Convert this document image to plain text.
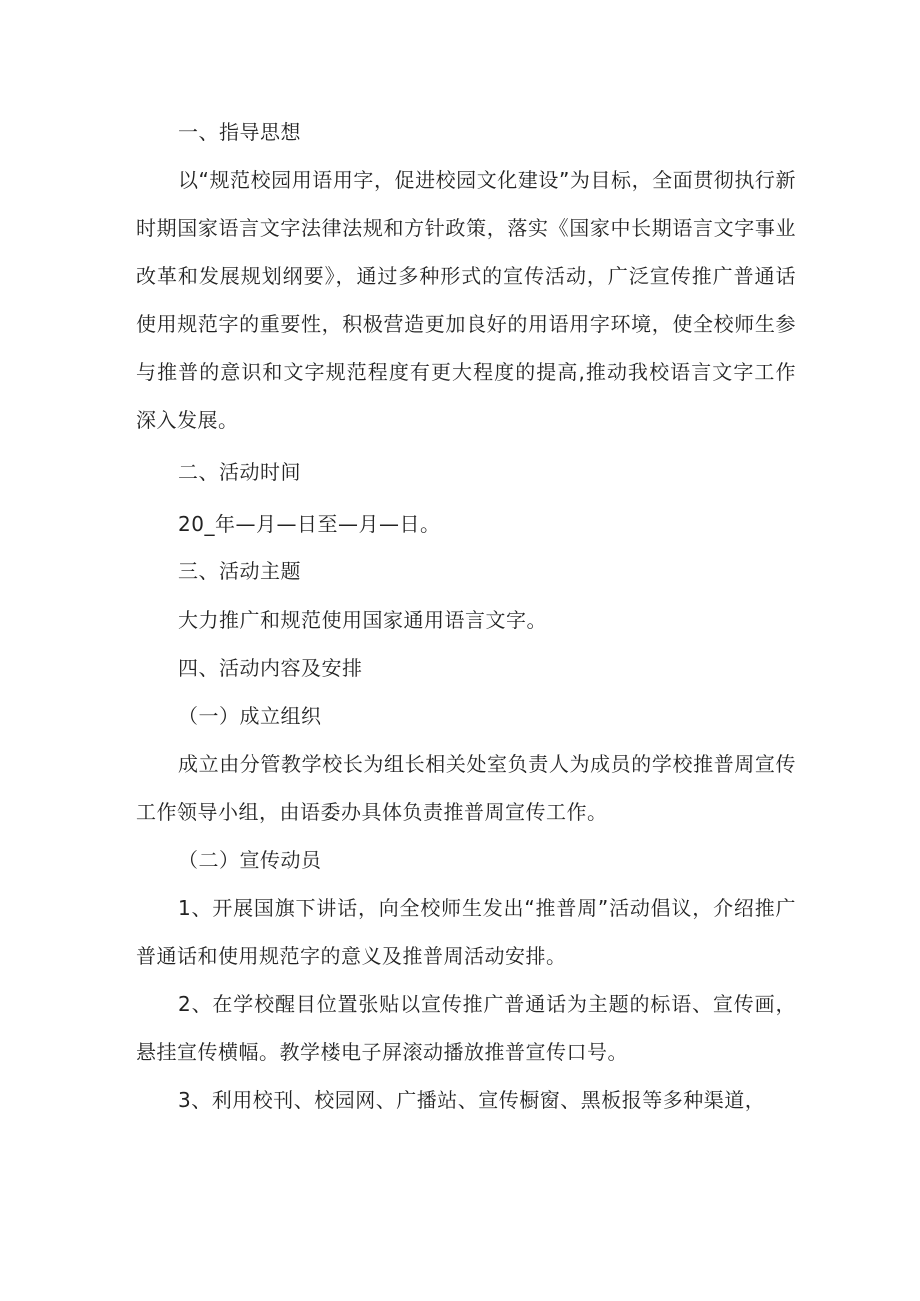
一、指导思想
以“规范校园用语用字，促进校园文化建设”为目标，全面贯彻执行新时期国家语言文字法律法规和方针政策，落实《国家中长期语言文字事业改革和发展规划纲要》，通过多种形式的宣传活动，广泛宣传推广普通话使用规范字的重要性，积极营造更加良好的用语用字环境，使全校师生参与推普的意识和文字规范程度有更大程度的提高,推动我校语言文字工作深入发展。
二、活动时间
20_年—月—日至—月—日。
三、活动主题
大力推广和规范使用国家通用语言文字。
四、活动内容及安排
（一）成立组织
成立由分管教学校长为组长相关处室负责人为成员的学校推普周宣传工作领导小组，由语委办具体负责推普周宣传工作。
（二）宣传动员
1、开展国旗下讲话，向全校师生发出“推普周”活动倡议，介绍推广普通话和使用规范字的意义及推普周活动安排。
2、在学校醒目位置张贴以宣传推广普通话为主题的标语、宣传画，悬挂宣传横幅。教学楼电子屏滚动播放推普宣传口号。
3、利用校刊、校园网、广播站、宣传橱窗、黑板报等多种渠道，
